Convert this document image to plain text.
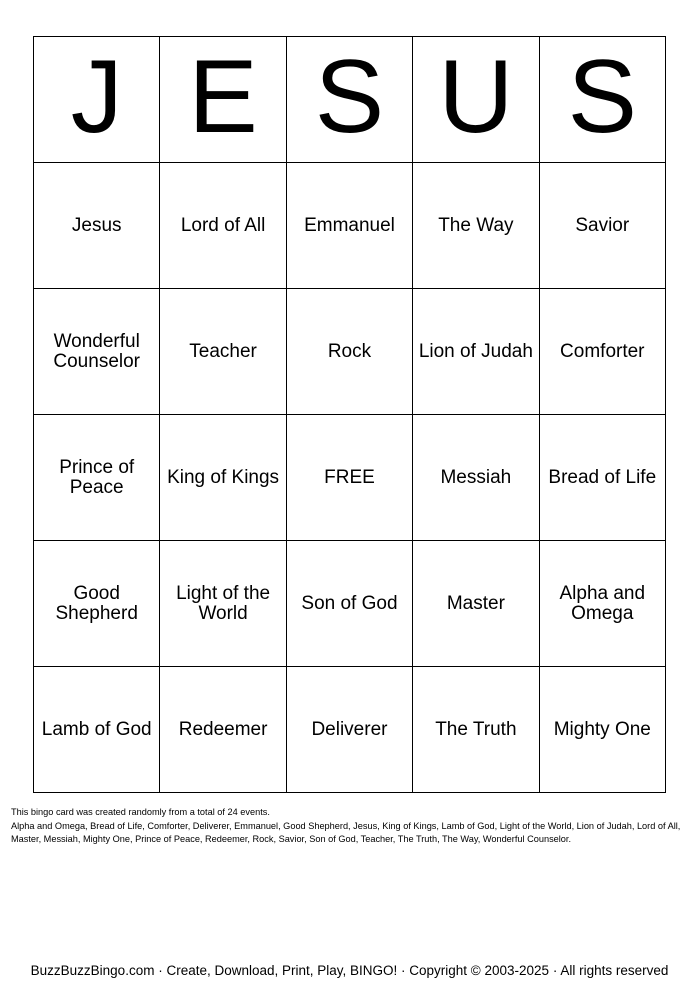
J	E	S	U	S
Jesus	Lord of All	Emmanuel	The Way	Savior
Wonderful Counselor	Teacher	Rock	Lion of Judah	Comforter
Prince of Peace	King of Kings	FREE	Messiah	Bread of Life
Good Shepherd	Light of the World	Son of God	Master	Alpha and Omega
Lamb of God	Redeemer	Deliverer	The Truth	Mighty One

This bingo card was created randomly from a total of 24 events.

Alpha and Omega, Bread of Life, Comforter, Deliverer, Emmanuel, Good Shepherd, Jesus, King of Kings, Lamb of God, Light of the World, Lion of Judah, Lord of All, Master, Messiah, Mighty One, Prince of Peace, Redeemer, Rock, Savior, Son of God, Teacher, The Truth, The Way, Wonderful Counselor.

BuzzBuzzBingo.com · Create, Download, Print, Play, BINGO! · Copyright © 2003-2025 · All rights reserved
